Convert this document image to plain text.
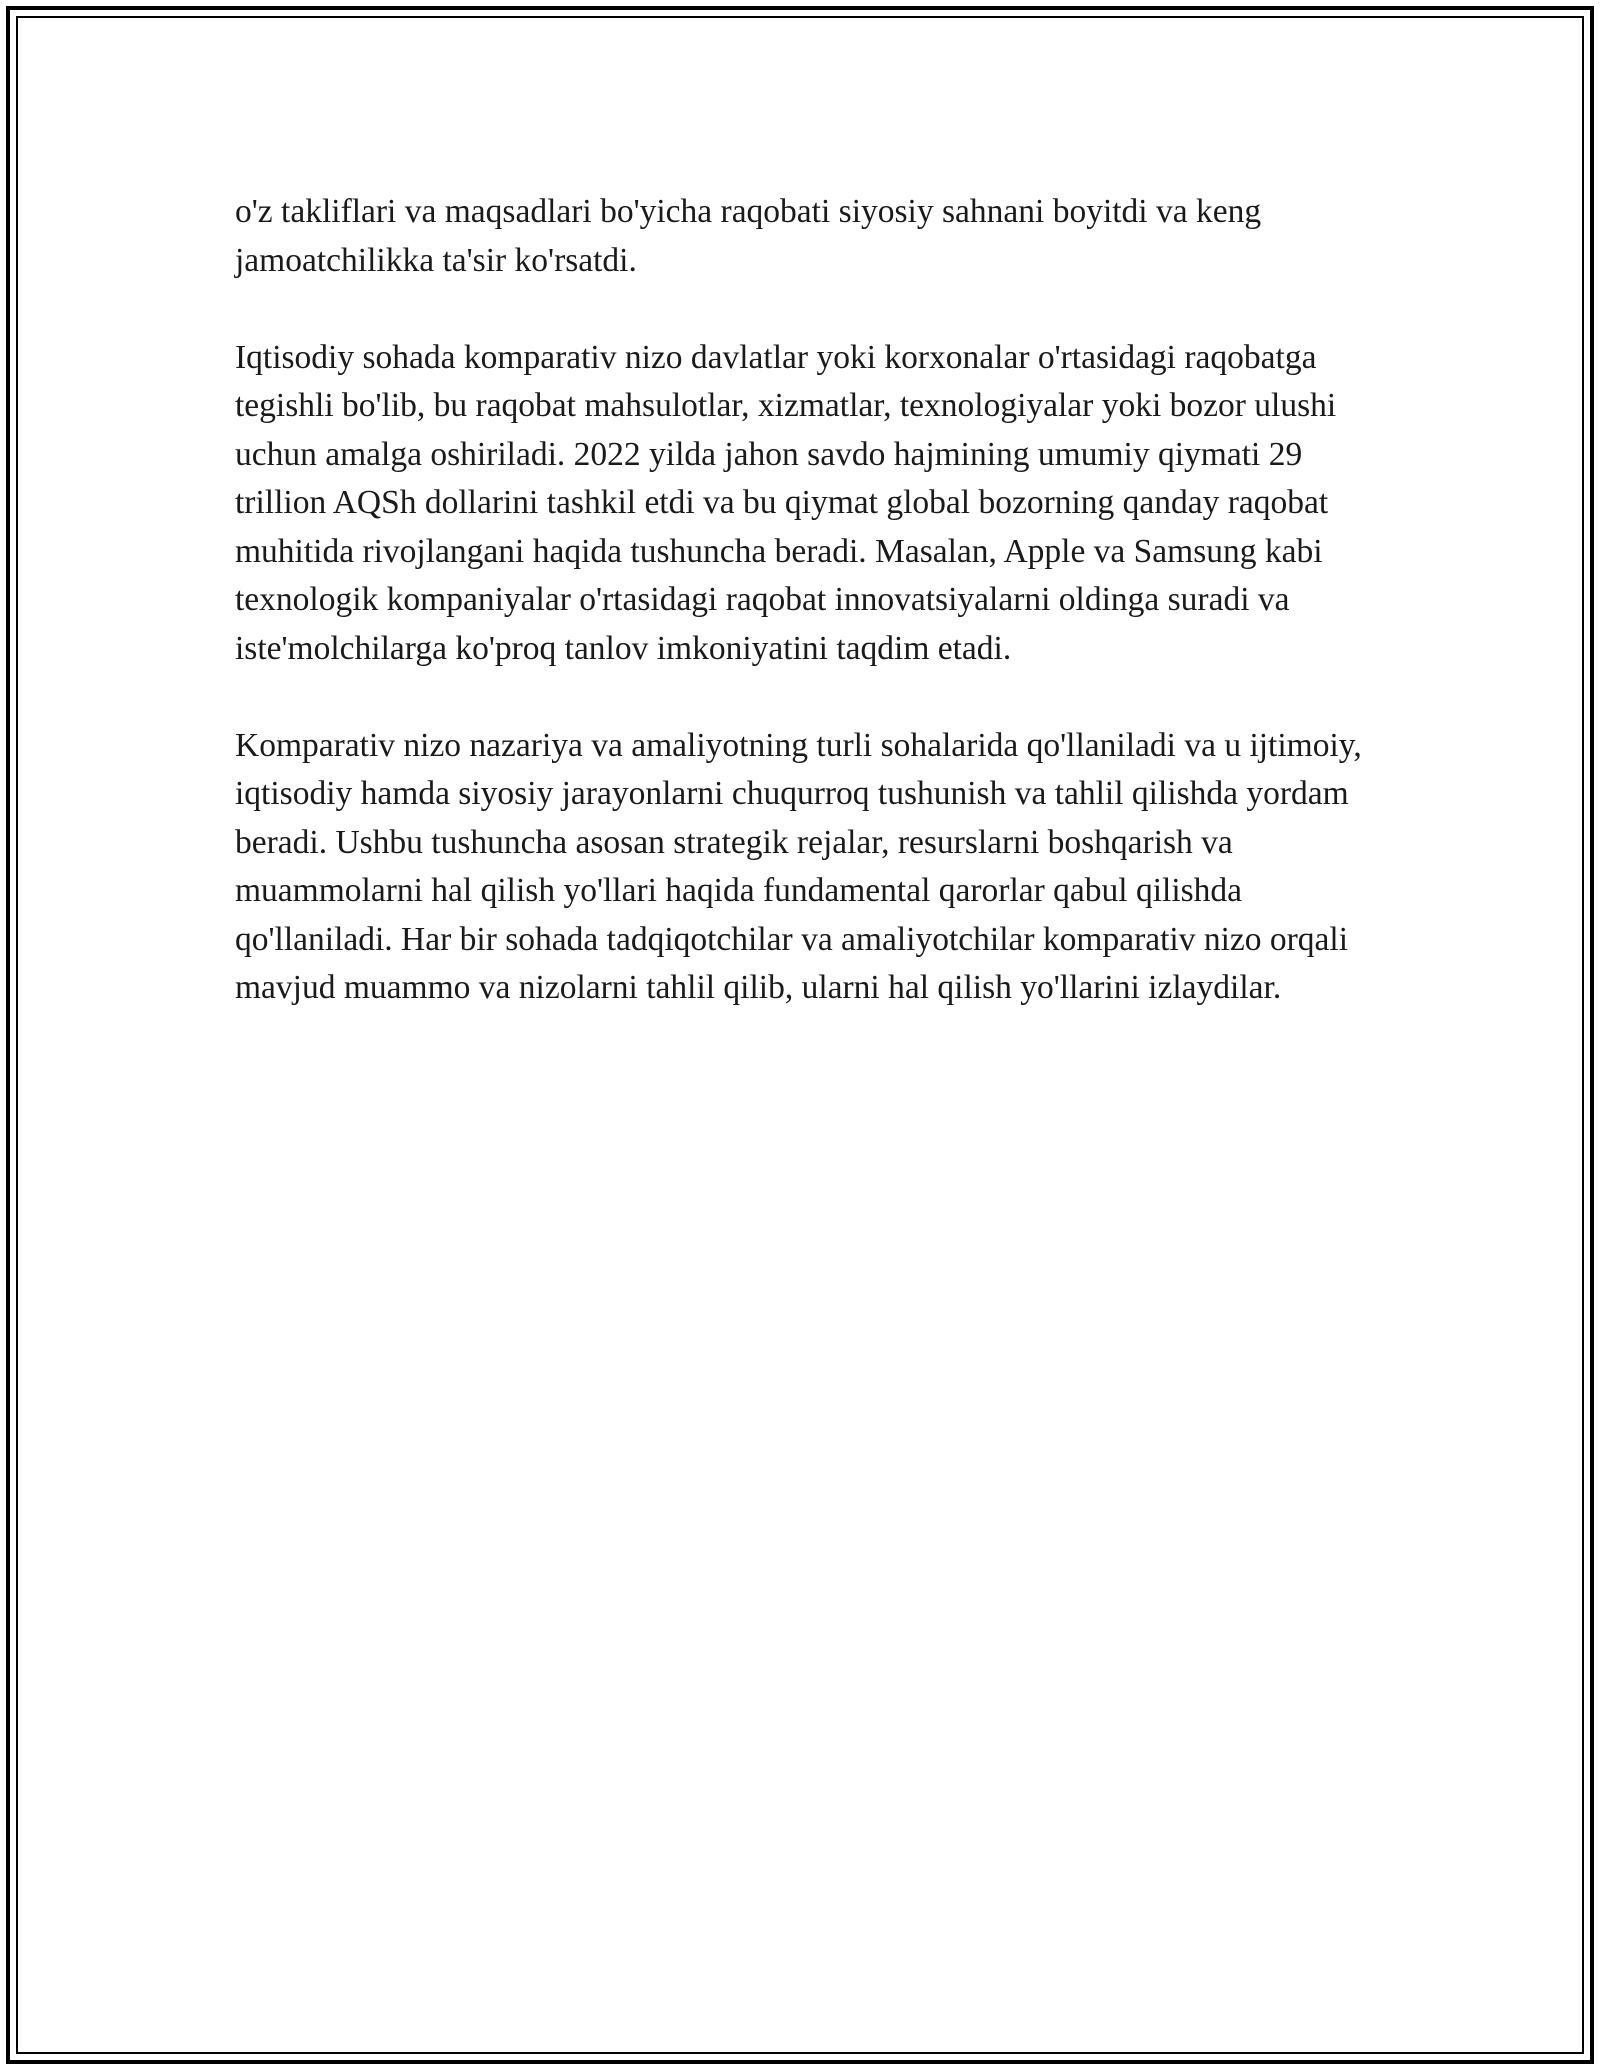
o'z takliflari va maqsadlari bo'yicha raqobati siyosiy sahnani boyitdi va keng jamoatchilikka ta'sir ko'rsatdi.

Iqtisodiy sohada komparativ nizo davlatlar yoki korxonalar o'rtasidagi raqobatga tegishli bo'lib, bu raqobat mahsulotlar, xizmatlar, texnologiyalar yoki bozor ulushi uchun amalga oshiriladi. 2022 yilda jahon savdo hajmining umumiy qiymati 29 trillion AQSh dollarini tashkil etdi va bu qiymat global bozorning qanday raqobat muhitida rivojlangani haqida tushuncha beradi. Masalan, Apple va Samsung kabi texnologik kompaniyalar o'rtasidagi raqobat innovatsiyalarni oldinga suradi va iste'molchilarga ko'proq tanlov imkoniyatini taqdim etadi.

Komparativ nizo nazariya va amaliyotning turli sohalarida qo'llaniladi va u ijtimoiy, iqtisodiy hamda siyosiy jarayonlarni chuqurroq tushunish va tahlil qilishda yordam beradi. Ushbu tushuncha asosan strategik rejalar, resurslarni boshqarish va muammolarni hal qilish yo'llari haqida fundamental qarorlar qabul qilishda qo'llaniladi. Har bir sohada tadqiqotchilar va amaliyotchilar komparativ nizo orqali mavjud muammo va nizolarni tahlil qilib, ularni hal qilish yo'llarini izlaydilar.
